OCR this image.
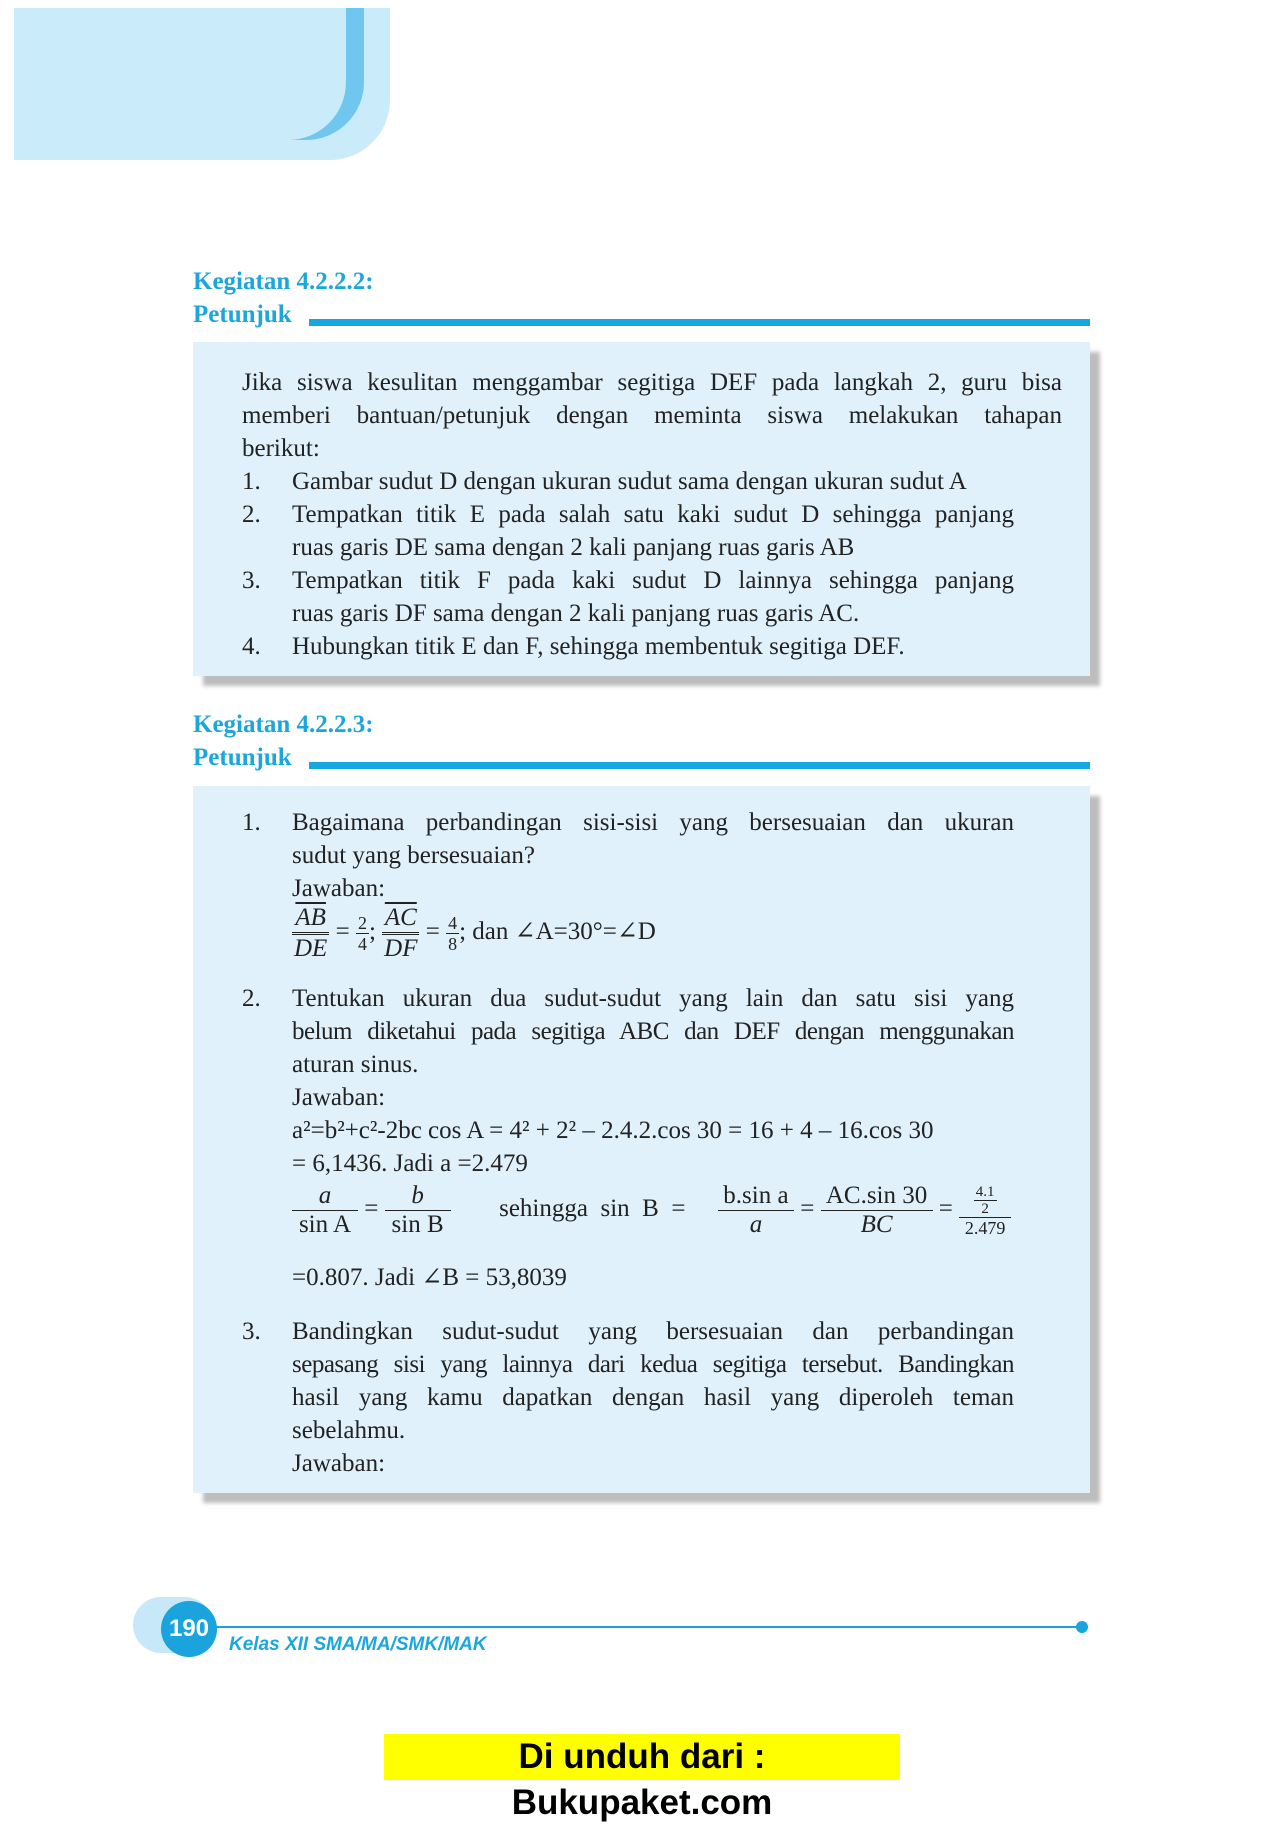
Kegiatan 4.2.2.2:
Petunjuk
Jika siswa kesulitan menggambar segitiga DEF pada langkah 2, guru bisa
memberi bantuan/petunjuk dengan meminta siswa melakukan tahapan
berikut:
1. Gambar sudut D dengan ukuran sudut sama dengan ukuran sudut A
2. Tempatkan titik E pada salah satu kaki sudut D sehingga panjang
ruas garis DE sama dengan 2 kali panjang ruas garis AB
3. Tempatkan titik F pada kaki sudut D lainnya sehingga panjang
ruas garis DF sama dengan 2 kali panjang ruas garis AC.
4. Hubungkan titik E dan F, sehingga membentuk segitiga DEF.
Kegiatan 4.2.2.3:
Petunjuk
1. Bagaimana perbandingan sisi-sisi yang bersesuaian dan ukuran
sudut yang bersesuaian?
Jawaban:
$\frac{\overline{AB}}{DE} = \frac{2}{4}$ ; $\frac{\overline{AC}}{DF} = \frac{4}{8}$ ; dan ∠A=30°=∠D
2. Tentukan ukuran dua sudut-sudut yang lain dan satu sisi yang
belum diketahui pada segitiga ABC dan DEF dengan menggunakan
aturan sinus.
Jawaban:
a²=b²+c²-2bc cos A = 4² + 2² – 2.4.2.cos 30 = 16 + 4 – 16.cos 30
= 6,1436. Jadi a =2.479
$\frac{a}{\text{sin A}} = \frac{b}{\text{sin B}}$ sehingga  $\sin B = \frac{\text{b.sin a}}{a} = \frac{AC.\sin 30}{BC} = \frac{\frac{4.1}{2}}{2.479}$
=0.807. Jadi ∠B = 53,8039
3. Bandingkan sudut-sudut yang bersesuaian dan perbandingan
sepasang sisi yang lainnya dari kedua segitiga tersebut. Bandingkan
hasil yang kamu dapatkan dengan hasil yang diperoleh teman
sebelahmu.
Jawaban:
190
Kelas XII SMA/MA/SMK/MAK
Di unduh dari : Bukupaket.com
